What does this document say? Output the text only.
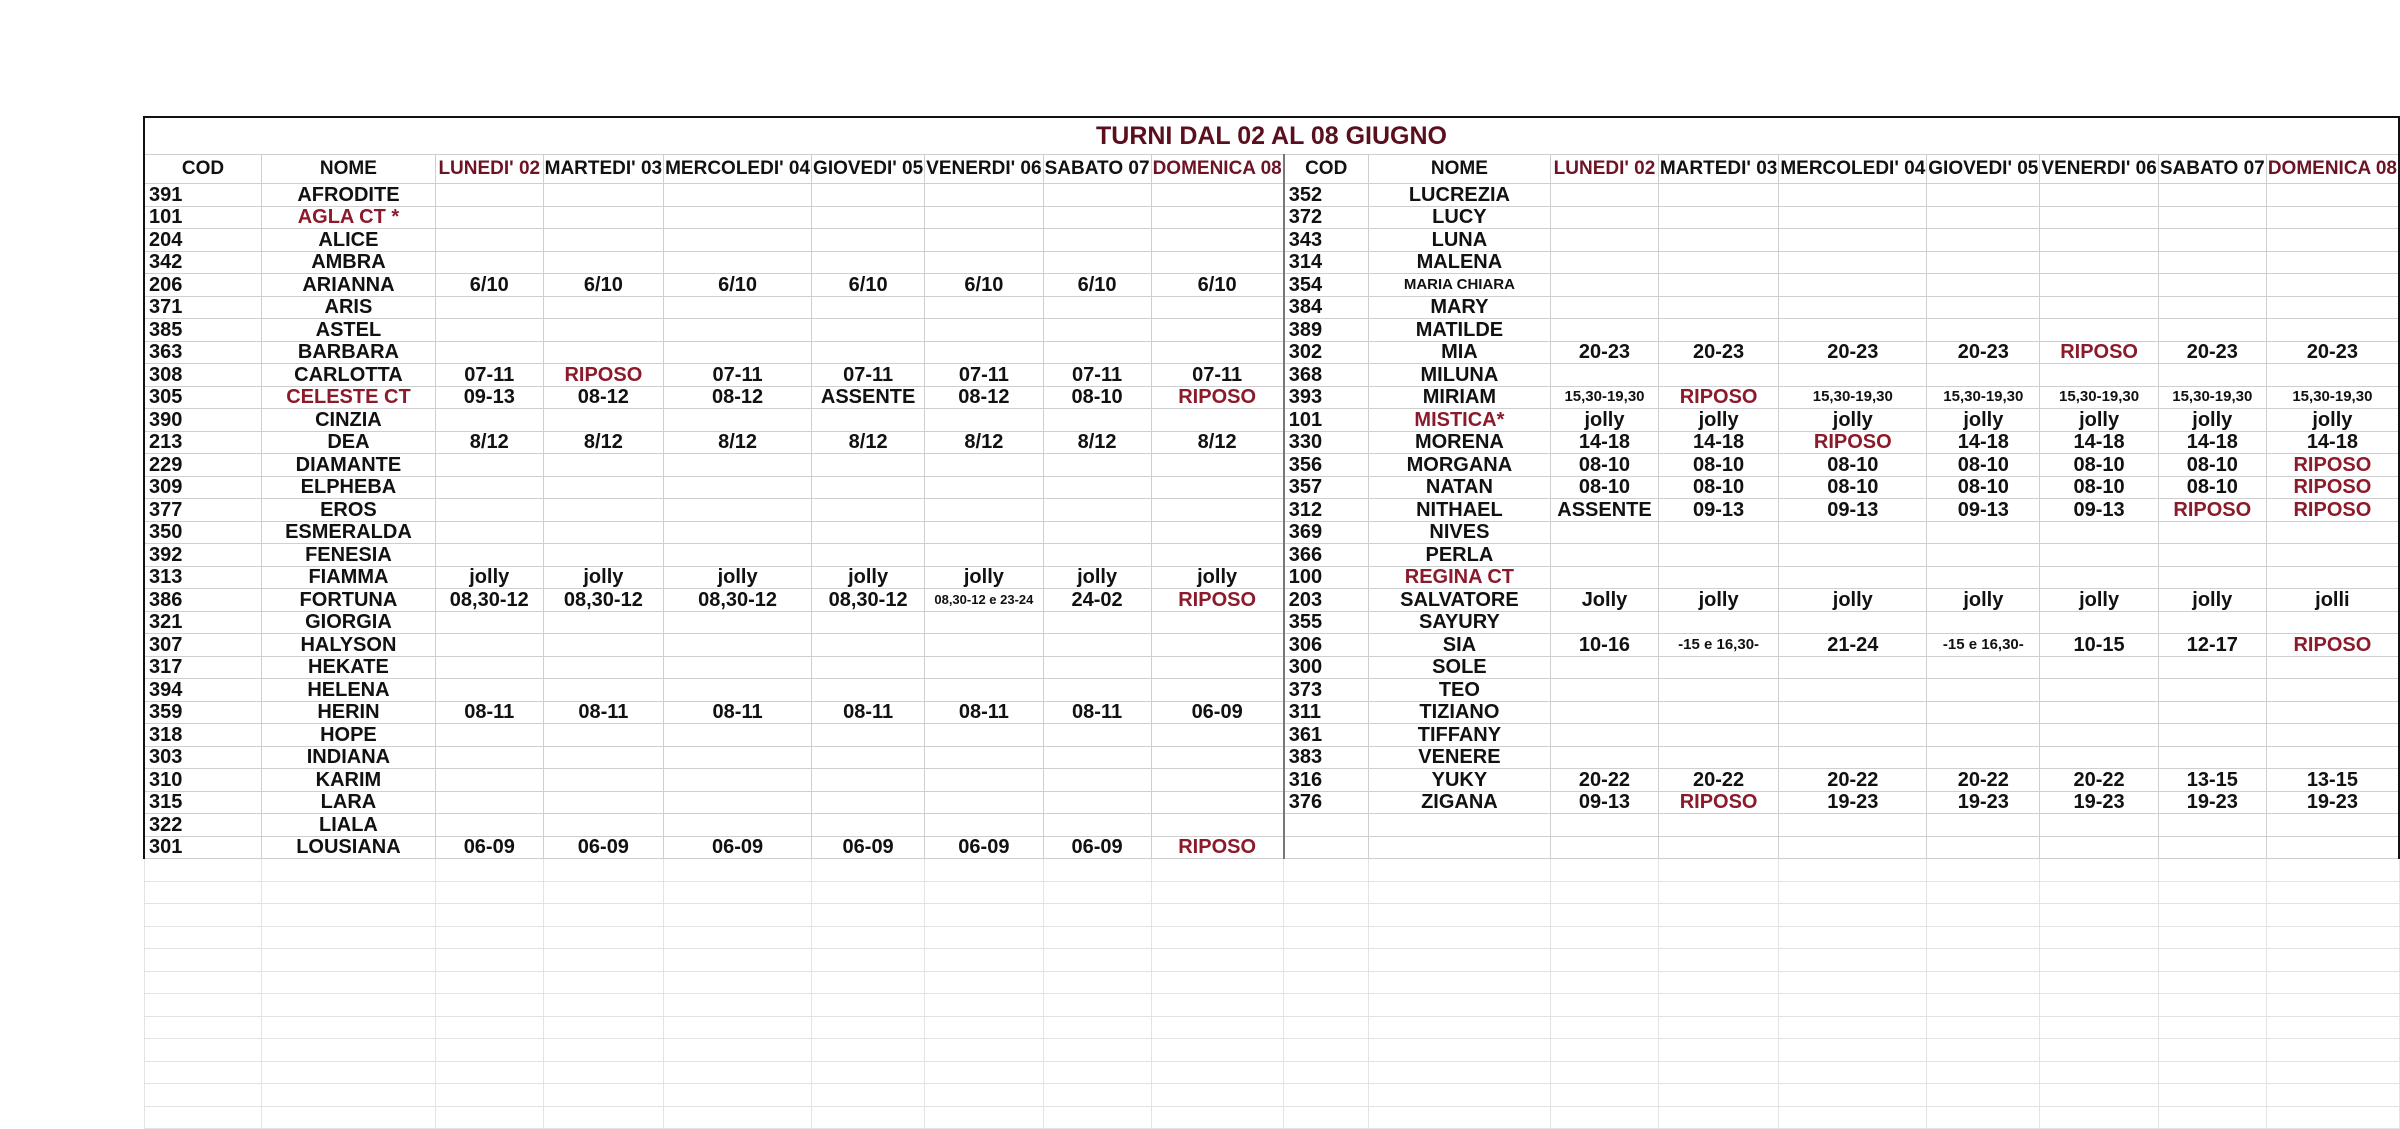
TURNI DAL 02 AL 08 GIUGNO																	
COD	NOME	LUNEDI' 02	MARTEDI' 03	MERCOLEDI' 04	GIOVEDI' 05	VENERDI' 06	SABATO 07	DOMENICA 08	COD	NOME	LUNEDI' 02	MARTEDI' 03	MERCOLEDI' 04	GIOVEDI' 05	VENERDI' 06	SABATO 07	DOMENICA 08
391	AFRODITE								352	LUCREZIA							
101	AGLA CT *								372	LUCY							
204	ALICE								343	LUNA							
342	AMBRA								314	MALENA							
206	ARIANNA	6/10	6/10	6/10	6/10	6/10	6/10	6/10	354	MARIA CHIARA							
371	ARIS								384	MARY							
385	ASTEL								389	MATILDE							
363	BARBARA								302	MIA	20-23	20-23	20-23	20-23	RIPOSO	20-23	20-23
308	CARLOTTA	07-11	RIPOSO	07-11	07-11	07-11	07-11	07-11	368	MILUNA							
305	CELESTE CT	09-13	08-12	08-12	ASSENTE	08-12	08-10	RIPOSO	393	MIRIAM	15,30-19,30	RIPOSO	15,30-19,30	15,30-19,30	15,30-19,30	15,30-19,30	15,30-19,30
390	CINZIA								101	MISTICA*	jolly	jolly	jolly	jolly	jolly	jolly	jolly
213	DEA	8/12	8/12	8/12	8/12	8/12	8/12	8/12	330	MORENA	14-18	14-18	RIPOSO	14-18	14-18	14-18	14-18
229	DIAMANTE								356	MORGANA	08-10	08-10	08-10	08-10	08-10	08-10	RIPOSO
309	ELPHEBA								357	NATAN	08-10	08-10	08-10	08-10	08-10	08-10	RIPOSO
377	EROS								312	NITHAEL	ASSENTE	09-13	09-13	09-13	09-13	RIPOSO	RIPOSO
350	ESMERALDA								369	NIVES							
392	FENESIA								366	PERLA							
313	FIAMMA	jolly	jolly	jolly	jolly	jolly	jolly	jolly	100	REGINA CT							
386	FORTUNA	08,30-12	08,30-12	08,30-12	08,30-12	08,30-12 e 23-24	24-02	RIPOSO	203	SALVATORE	Jolly	jolly	jolly	jolly	jolly	jolly	jolli
321	GIORGIA								355	SAYURY							
307	HALYSON								306	SIA	10-16	-15 e 16,30-	21-24	-15 e 16,30-	10-15	12-17	RIPOSO
317	HEKATE								300	SOLE							
394	HELENA								373	TEO							
359	HERIN	08-11	08-11	08-11	08-11	08-11	08-11	06-09	311	TIZIANO							
318	HOPE								361	TIFFANY							
303	INDIANA								383	VENERE							
310	KARIM								316	YUKY	20-22	20-22	20-22	20-22	20-22	13-15	13-15
315	LARA								376	ZIGANA	09-13	RIPOSO	19-23	19-23	19-23	19-23	19-23
322	LIALA																
301	LOUSIANA	06-09	06-09	06-09	06-09	06-09	06-09	RIPOSO									
